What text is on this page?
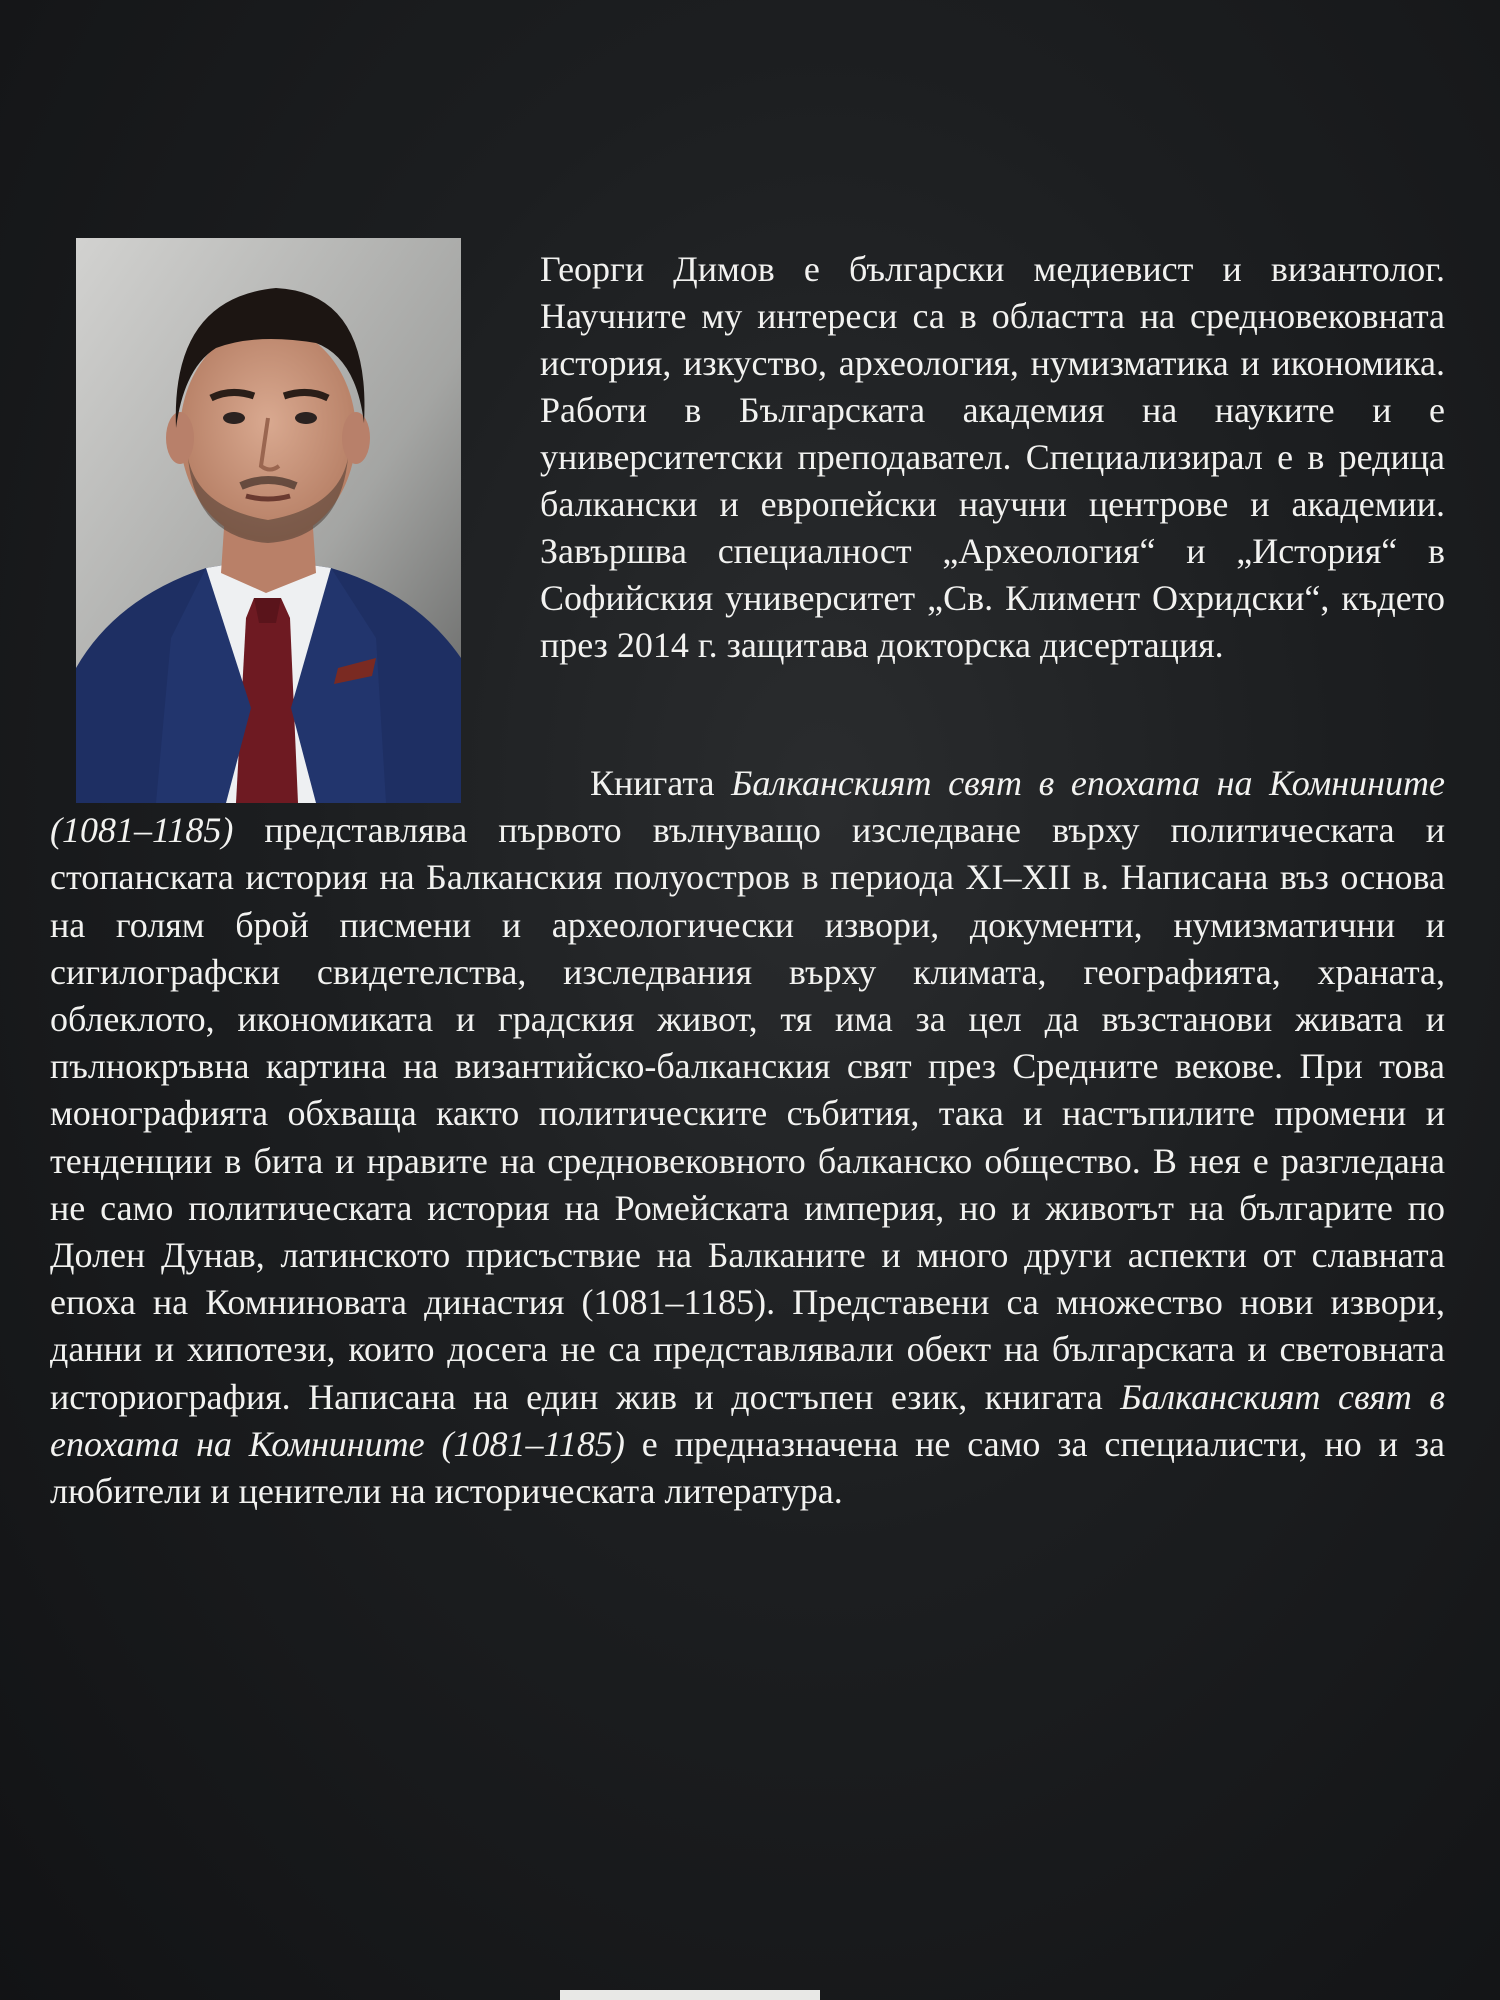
Георги Димов е български медиевист и византолог. Научните му интереси са в областта на средновековната история, изкуство, археология, нумизматика и икономика. Работи в Българската академия на науките и е университетски преподавател. Специализирал е в редица балкански и европейски научни центрове и академии. Завършва специалност „Археология“ и „История“ в Софийския университет „Св. Климент Охридски“, където през 2014 г. защитава докторска дисертация.

Книгата Балканският свят в епохата на Комнините (1081–1185) представлява първото вълнуващо изследване върху политическата и стопанската история на Балканския полуостров в периода XI–XII в. Написана въз основа на голям брой писмени и археологически извори, документи, нумизматични и сигилографски свидетелства, изследвания върху климата, географията, храната, облеклото, икономиката и градския живот, тя има за цел да възстанови живата и пълнокръвна картина на византийско-балканския свят през Средните векове. При това монографията обхваща както политическите събития, така и настъпилите промени и тенденции в бита и нравите на средновековното балканско общество. В нея е разгледана не само политическата история на Ромейската империя, но и животът на българите по Долен Дунав, латинското присъствие на Балканите и много други аспекти от славната епоха на Комниновата династия (1081–1185). Представени са множество нови извори, данни и хипотези, които досега не са представлявали обект на българската и световната историография. Написана на един жив и достъпен език, книгата Балканският свят в епохата на Комнините (1081–1185) е предназначена не само за специалисти, но и за любители и ценители на историческата литература.
